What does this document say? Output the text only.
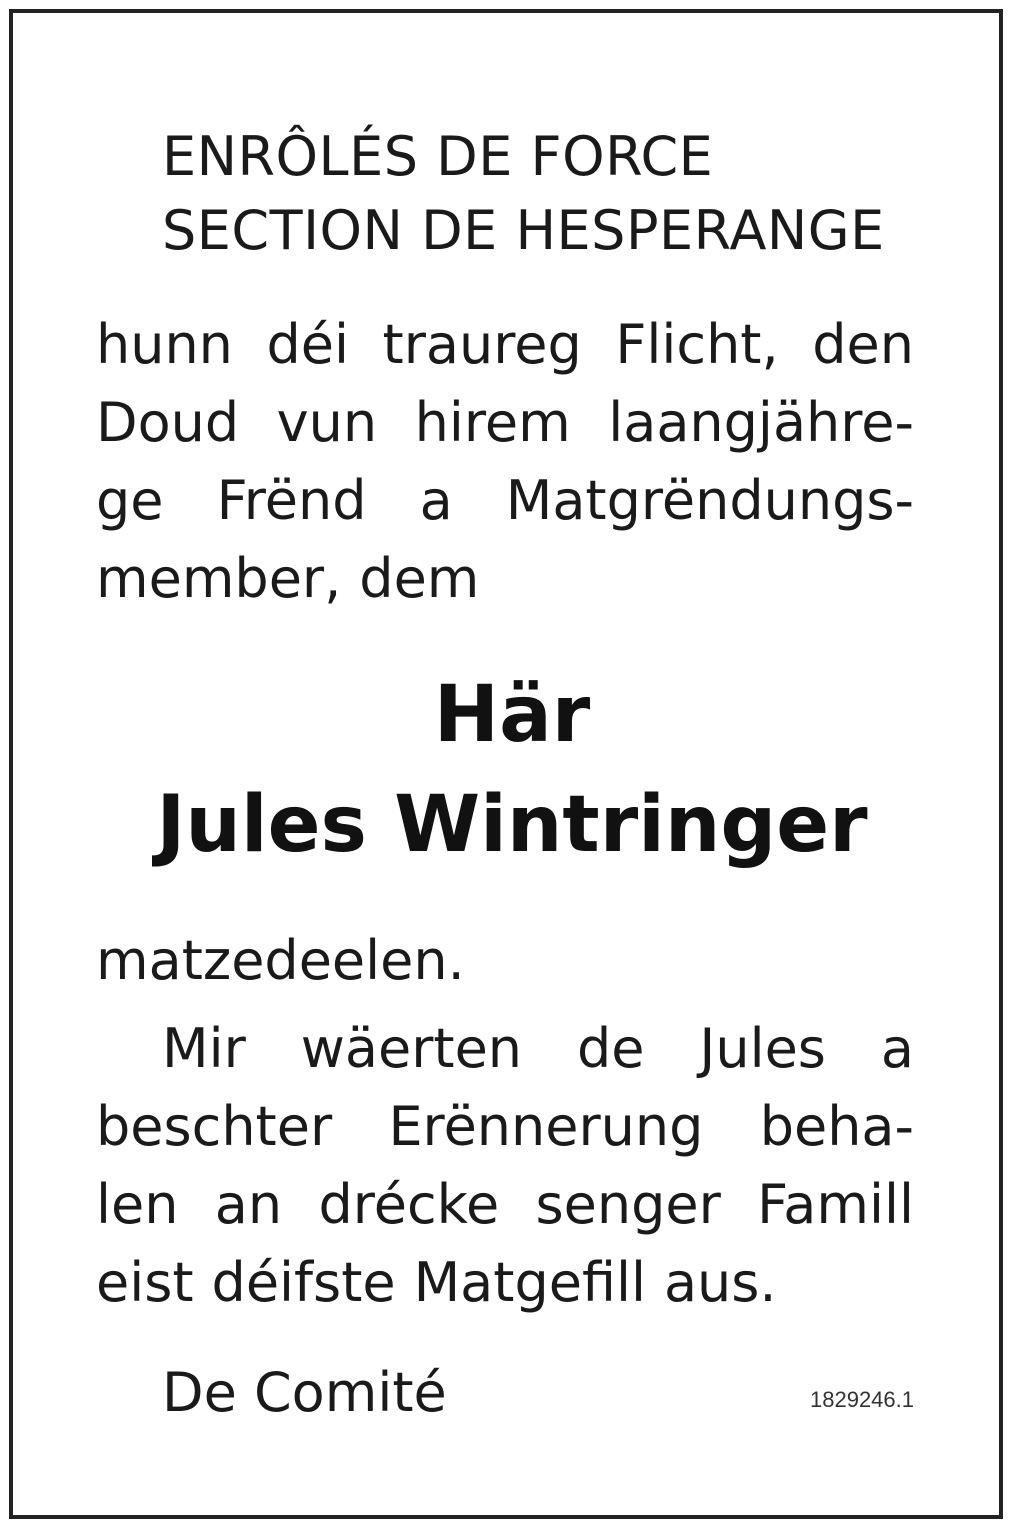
ENRÔLÉS DE FORCE
SECTION DE HESPERANGE
hunn déi traureg Flicht, den
Doud vun hirem laangjähre-
ge Frënd a Matgrëndungs-
member, dem
Här
Jules Wintringer
matzedeelen.
Mir wäerten de Jules a
beschter Erënnerung beha-
len an drécke senger Famill
eist déifste Matgefill aus.
De Comité	1829246.1
